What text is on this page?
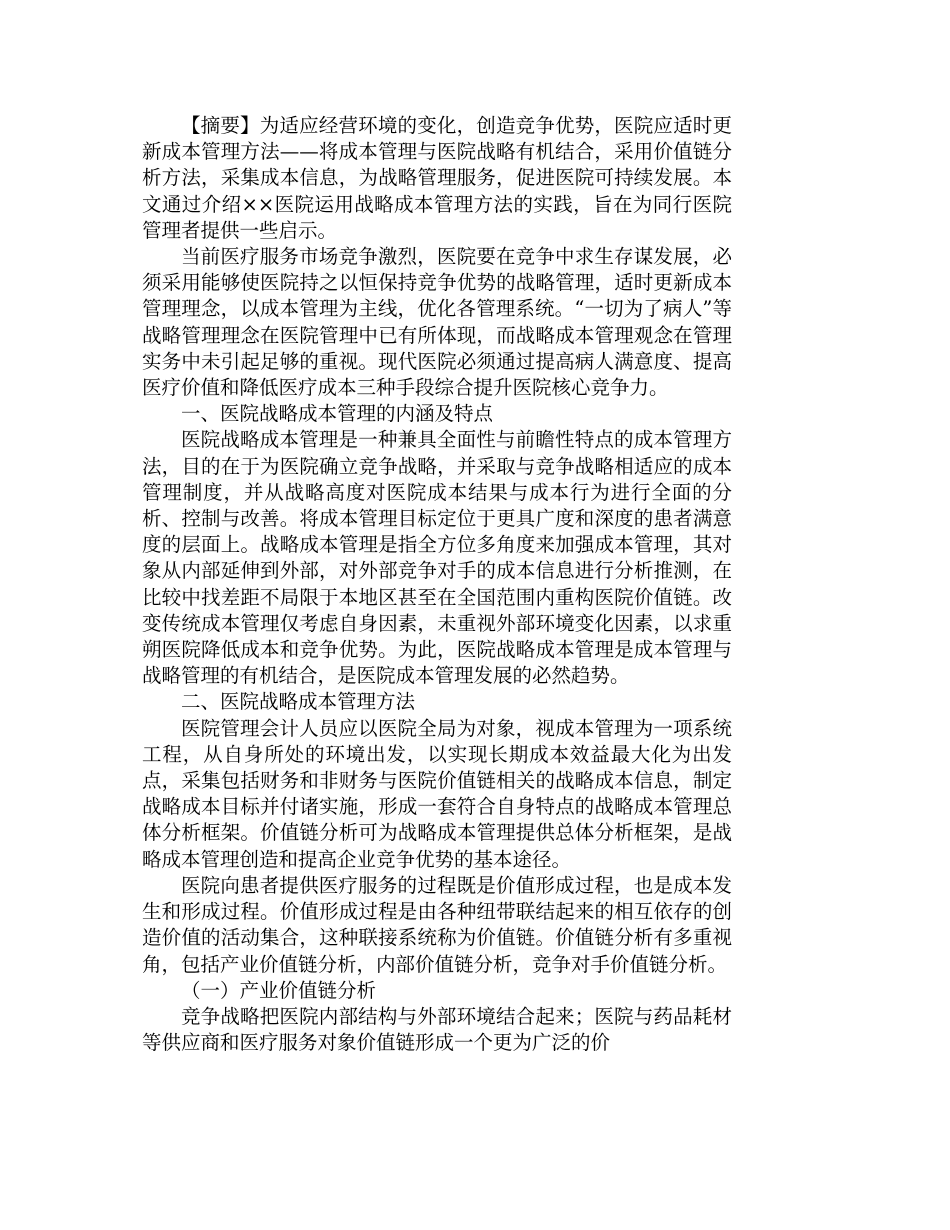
【摘要】为适应经营环境的变化，创造竞争优势，医院应适时更新成本管理方法——将成本管理与医院战略有机结合，采用价值链分析方法，采集成本信息，为战略管理服务，促进医院可持续发展。本文通过介绍××医院运用战略成本管理方法的实践，旨在为同行医院管理者提供一些启示。

当前医疗服务市场竞争激烈，医院要在竞争中求生存谋发展，必须采用能够使医院持之以恒保持竞争优势的战略管理，适时更新成本管理理念，以成本管理为主线，优化各管理系统。“一切为了病人”等战略管理理念在医院管理中已有所体现，而战略成本管理观念在管理实务中未引起足够的重视。现代医院必须通过提高病人满意度、提高医疗价值和降低医疗成本三种手段综合提升医院核心竞争力。

一、医院战略成本管理的内涵及特点

医院战略成本管理是一种兼具全面性与前瞻性特点的成本管理方法，目的在于为医院确立竞争战略，并采取与竞争战略相适应的成本管理制度，并从战略高度对医院成本结果与成本行为进行全面的分析、控制与改善。将成本管理目标定位于更具广度和深度的患者满意度的层面上。战略成本管理是指全方位多角度来加强成本管理，其对象从内部延伸到外部，对外部竞争对手的成本信息进行分析推测，在比较中找差距不局限于本地区甚至在全国范围内重构医院价值链。改变传统成本管理仅考虑自身因素，未重视外部环境变化因素，以求重朔医院降低成本和竞争优势。为此，医院战略成本管理是成本管理与战略管理的有机结合，是医院成本管理发展的必然趋势。

二、医院战略成本管理方法

医院管理会计人员应以医院全局为对象，视成本管理为一项系统工程，从自身所处的环境出发，以实现长期成本效益最大化为出发点，采集包括财务和非财务与医院价值链相关的战略成本信息，制定战略成本目标并付诸实施，形成一套符合自身特点的战略成本管理总体分析框架。价值链分析可为战略成本管理提供总体分析框架，是战略成本管理创造和提高企业竞争优势的基本途径。

医院向患者提供医疗服务的过程既是价值形成过程，也是成本发生和形成过程。价值形成过程是由各种纽带联结起来的相互依存的创造价值的活动集合，这种联接系统称为价值链。价值链分析有多重视角，包括产业价值链分析，内部价值链分析，竞争对手价值链分析。

（一）产业价值链分析

竞争战略把医院内部结构与外部环境结合起来；医院与药品耗材等供应商和医疗服务对象价值链形成一个更为广泛的价
